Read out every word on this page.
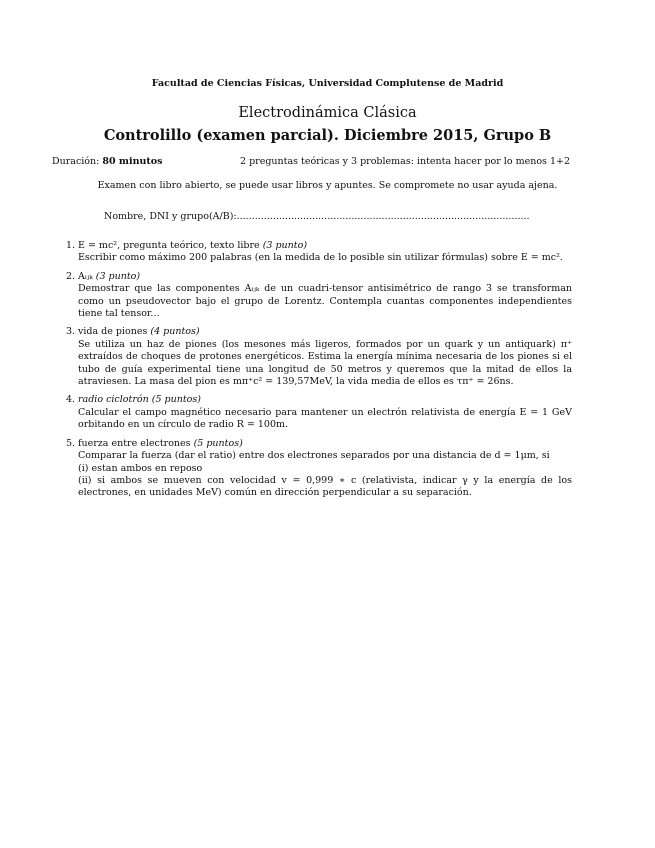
Facultad de Ciencias Físicas, Universidad Complutense de Madrid
Electrodinámica Clásica
Controlillo (examen parcial). Diciembre 2015, Grupo B
Duración: 80 minutos	2 preguntas teóricas y 3 problemas: intenta hacer por lo menos 1+2
Examen con libro abierto, se puede usar libros y apuntes. Se compromete no usar ayuda ajena.
Nombre, DNI y grupo(A/B):.................................................................................................
1. E = mc², pregunta teórico, texto libre (3 punto)
Escribir como máximo 200 palabras (en la medida de lo posible sin utilizar fórmulas) sobre E = mc².
2. Aᵢⱼₖ (3 punto)
Demostrar que las componentes Aᵢⱼₖ de un cuadri-tensor antisimétrico de rango 3 se transforman como un pseudovector bajo el grupo de Lorentz. Contempla cuantas componentes independientes tiene tal tensor...
3. vida de piones (4 puntos)
Se utiliza un haz de piones (los mesones más ligeros, formados por un quark y un antiquark) π⁺ extraídos de choques de protones energéticos. Estima la energía mínima necesaria de los piones si el tubo de guía experimental tiene una longitud de 50 metros y queremos que la mitad de ellos la atraviesen. La masa del pion es mπ⁺c² = 139,57MeV, la vida media de ellos es τπ⁺ = 26ns.
4. radio ciclotrón (5 puntos)
Calcular el campo magnético necesario para mantener un electrón relativista de energía E = 1 GeV orbitando en un círculo de radio R = 100m.
5. fuerza entre electrones (5 puntos)
Comparar la fuerza (dar el ratio) entre dos electrones separados por una distancia de d = 1μm, si
(i) estan ambos en reposo
(ii) si ambos se mueven con velocidad v = 0,999 ∗ c (relativista, indicar γ y la energía de los electrones, en unidades MeV) común en dirección perpendicular a su separación.
